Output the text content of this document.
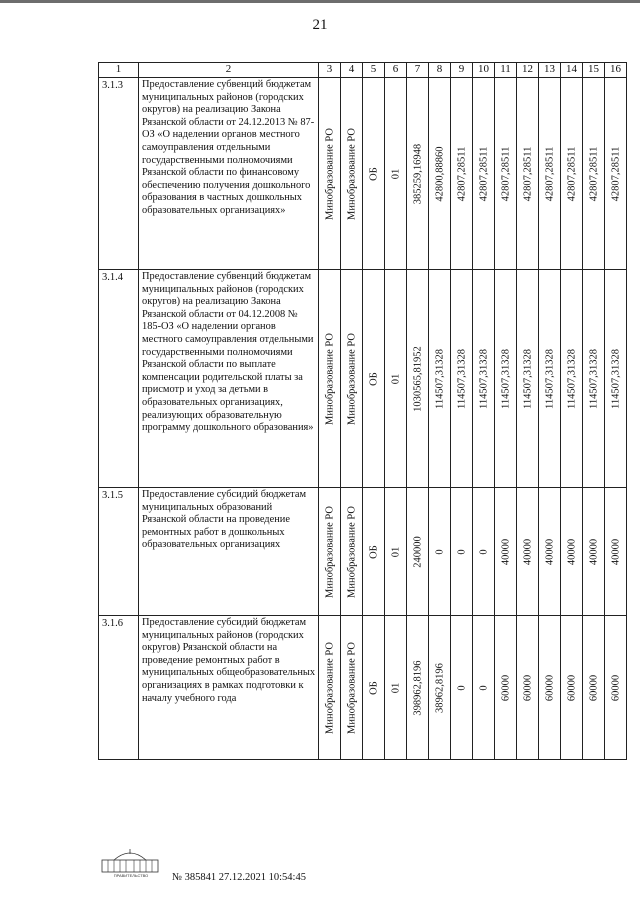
21
1	2	3	4	5	6	7	8	9	10	11	12	13	14	15	16
3.1.3	Предоставление субвенций бюджетам муниципальных районов (городских округов) на реализацию Закона Рязанской области от 24.12.2013 № 87-ОЗ «О наделении органов местного самоуправления отдельными государственными полномочиями Рязанской области по финансовому обеспечению получения дошкольного образования в частных дошкольных образовательных организациях»	Минобразование РО	Минобразование РО	ОБ	01	385259,16948	42800,88860	42807,28511	42807,28511	42807,28511	42807,28511	42807,28511	42807,28511	42807,28511	42807,28511

3.1.4	Предоставление субвенций бюджетам муниципальных районов (городских округов) на реализацию Закона Рязанской области от 04.12.2008 № 185-ОЗ «О наделении органов местного самоуправления отдельными государственными полномочиями Рязанской области по выплате компенсации родительской платы за присмотр и уход за детьми в образовательных организациях, реализующих образовательную программу дошкольного образования»	Минобразование РО	Минобразование РО	ОБ	01	1030565,81952	114507,31328	114507,31328	114507,31328	114507,31328	114507,31328	114507,31328	114507,31328	114507,31328	114507,31328

3.1.5	Предоставление субсидий бюджетам муниципальных образований Рязанской области на проведение ремонтных работ в дошкольных образовательных организациях	Минобразование РО	Минобразование РО	ОБ	01	240000	0	0	0	40000	40000	40000	40000	40000	40000

3.1.6	Предоставление субсидий бюджетам муниципальных районов (городских округов) Рязанской области на проведение ремонтных работ в муниципальных общеобразовательных организациях в рамках подготовки к началу учебного года	Минобразование РО	Минобразование РО	ОБ	01	398962,8196	38962,8196	0	0	60000	60000	60000	60000	60000	60000
ПРАВИТЕЛЬСТВО № 385841 27.12.2021 10:54:45
